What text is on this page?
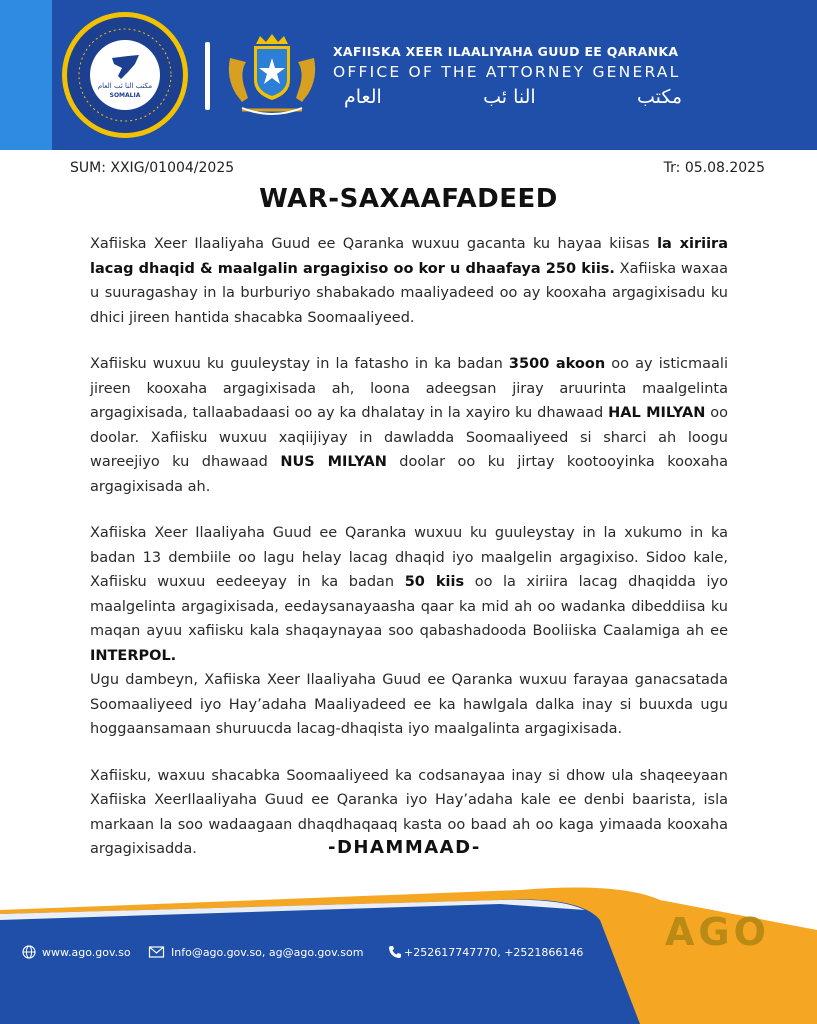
مكتب النا ئب العام
SOMALIA
XAFIISKA XEER ILAALIYAHA GUUD EE QARANKA
OFFICE OF THE ATTORNEY GENERAL
مكتب
النا ئب
العام
SUM: XXIG/01004/2025	Tr: 05.08.2025
WAR-SAXAAFADEED

Xafiiska Xeer Ilaaliyaha Guud ee Qaranka wuxuu gacanta ku hayaa kiisas la xiriira lacag dhaqid & maalgalin argagixiso oo kor u dhaafaya 250 kiis. Xafiiska waxaa u suuragashay in la burburiyo shabakado maaliyadeed oo ay kooxaha argagixisadu ku dhici jireen hantida shacabka Soomaaliyeed.

Xafiisku wuxuu ku guuleystay in la fatasho in ka badan 3500 akoon oo ay isticmaali jireen kooxaha argagixisada ah, loona adeegsan jiray aruurinta maalgelinta argagixisada, tallaabadaasi oo ay ka dhalatay in la xayiro ku dhawaad HAL MILYAN oo doolar. Xafiisku wuxuu xaqiijiyay in dawladda Soomaaliyeed si sharci ah loogu wareejiyo ku dhawaad NUS MILYAN doolar oo ku jirtay kootooyinka kooxaha argagixisada ah.

Xafiiska Xeer Ilaaliyaha Guud ee Qaranka wuxuu ku guuleystay in la xukumo in ka badan 13 dembiile oo lagu helay lacag dhaqid iyo maalgelin argagixiso. Sidoo kale, Xafiisku wuxuu eedeeyay in ka badan 50 kiis oo la xiriira lacag dhaqidda iyo maalgelinta argagixisada, eedaysanayaasha qaar ka mid ah oo wadanka dibeddiisa ku maqan ayuu xafiisku kala shaqaynayaa soo qabashadooda Booliiska Caalamiga ah ee INTERPOL.

Ugu dambeyn, Xafiiska Xeer Ilaaliyaha Guud ee Qaranka wuxuu farayaa ganacsatada Soomaaliyeed iyo Hay’adaha Maaliyadeed ee ka hawlgala dalka inay si buuxda ugu hoggaansamaan shuruucda lacag-dhaqista iyo maalgalinta argagixisada.

Xafiisku, waxuu shacabka Soomaaliyeed ka codsanayaa inay si dhow ula shaqeeyaan Xafiiska XeerIlaaliyaha Guud ee Qaranka iyo Hay’adaha kale ee denbi baarista, isla markaan la soo wadaagaan dhaqdhaqaaq kasta oo baad ah oo kaga yimaada kooxaha argagixisadda.	-DHAMMAAD-
AGO
www.ago.gov.so	Info@ago.gov.so, ag@ago.gov.som	+252617747770, +2521866146
